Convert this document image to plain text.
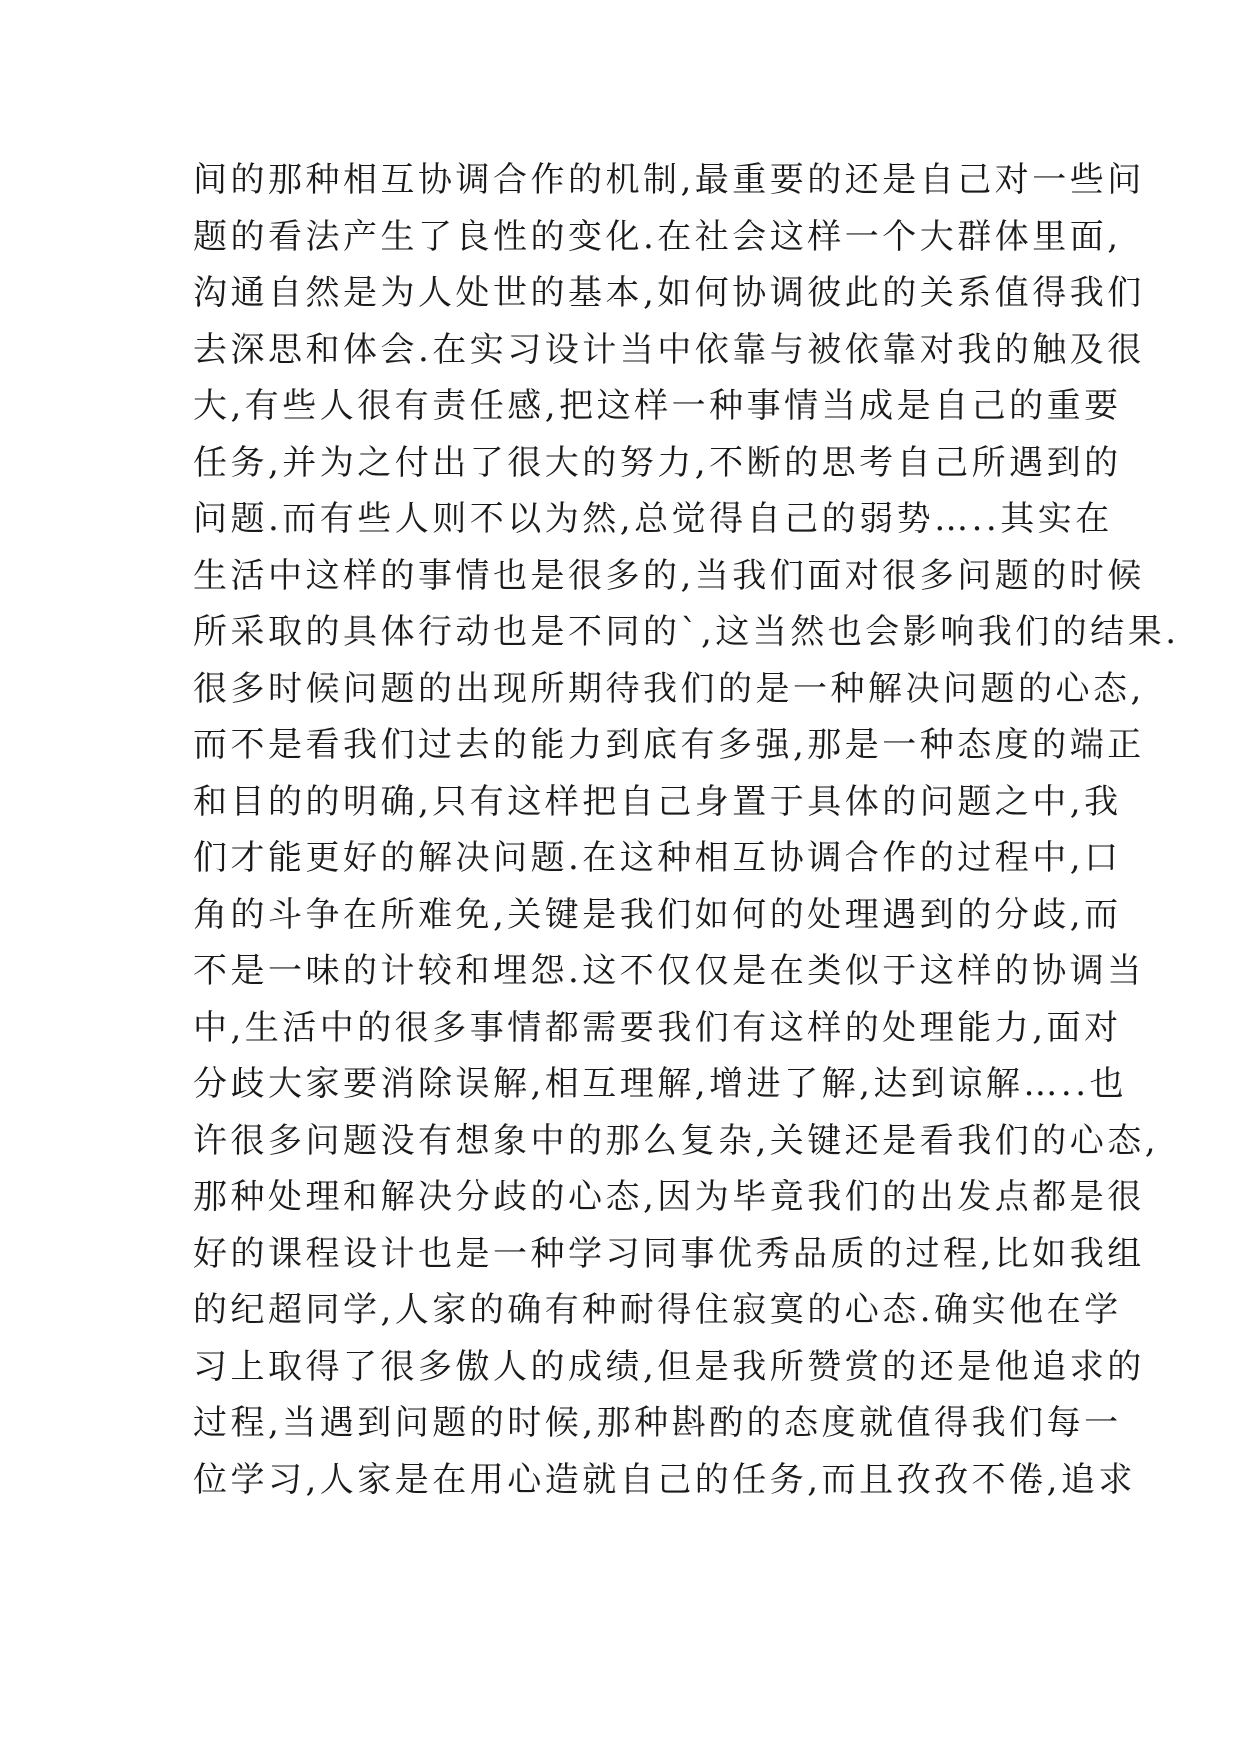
间的那种相互协调合作的机制,最重要的还是自己对一些问
题的看法产生了良性的变化.在社会这样一个大群体里面,
沟通自然是为人处世的基本,如何协调彼此的关系值得我们
去深思和体会.在实习设计当中依靠与被依靠对我的触及很
大,有些人很有责任感,把这样一种事情当成是自己的重要
任务,并为之付出了很大的努力,不断的思考自己所遇到的
问题.而有些人则不以为然,总觉得自己的弱势…..其实在
生活中这样的事情也是很多的,当我们面对很多问题的时候
所采取的具体行动也是不同的`,这当然也会影响我们的结果.
很多时候问题的出现所期待我们的是一种解决问题的心态,
而不是看我们过去的能力到底有多强,那是一种态度的端正
和目的的明确,只有这样把自己身置于具体的问题之中,我
们才能更好的解决问题.在这种相互协调合作的过程中,口
角的斗争在所难免,关键是我们如何的处理遇到的分歧,而
不是一味的计较和埋怨.这不仅仅是在类似于这样的协调当
中,生活中的很多事情都需要我们有这样的处理能力,面对
分歧大家要消除误解,相互理解,增进了解,达到谅解…..也
许很多问题没有想象中的那么复杂,关键还是看我们的心态,
那种处理和解决分歧的心态,因为毕竟我们的出发点都是很
好的课程设计也是一种学习同事优秀品质的过程,比如我组
的纪超同学,人家的确有种耐得住寂寞的心态.确实他在学
习上取得了很多傲人的成绩,但是我所赞赏的还是他追求的
过程,当遇到问题的时候,那种斟酌的态度就值得我们每一
位学习,人家是在用心造就自己的任务,而且孜孜不倦,追求
